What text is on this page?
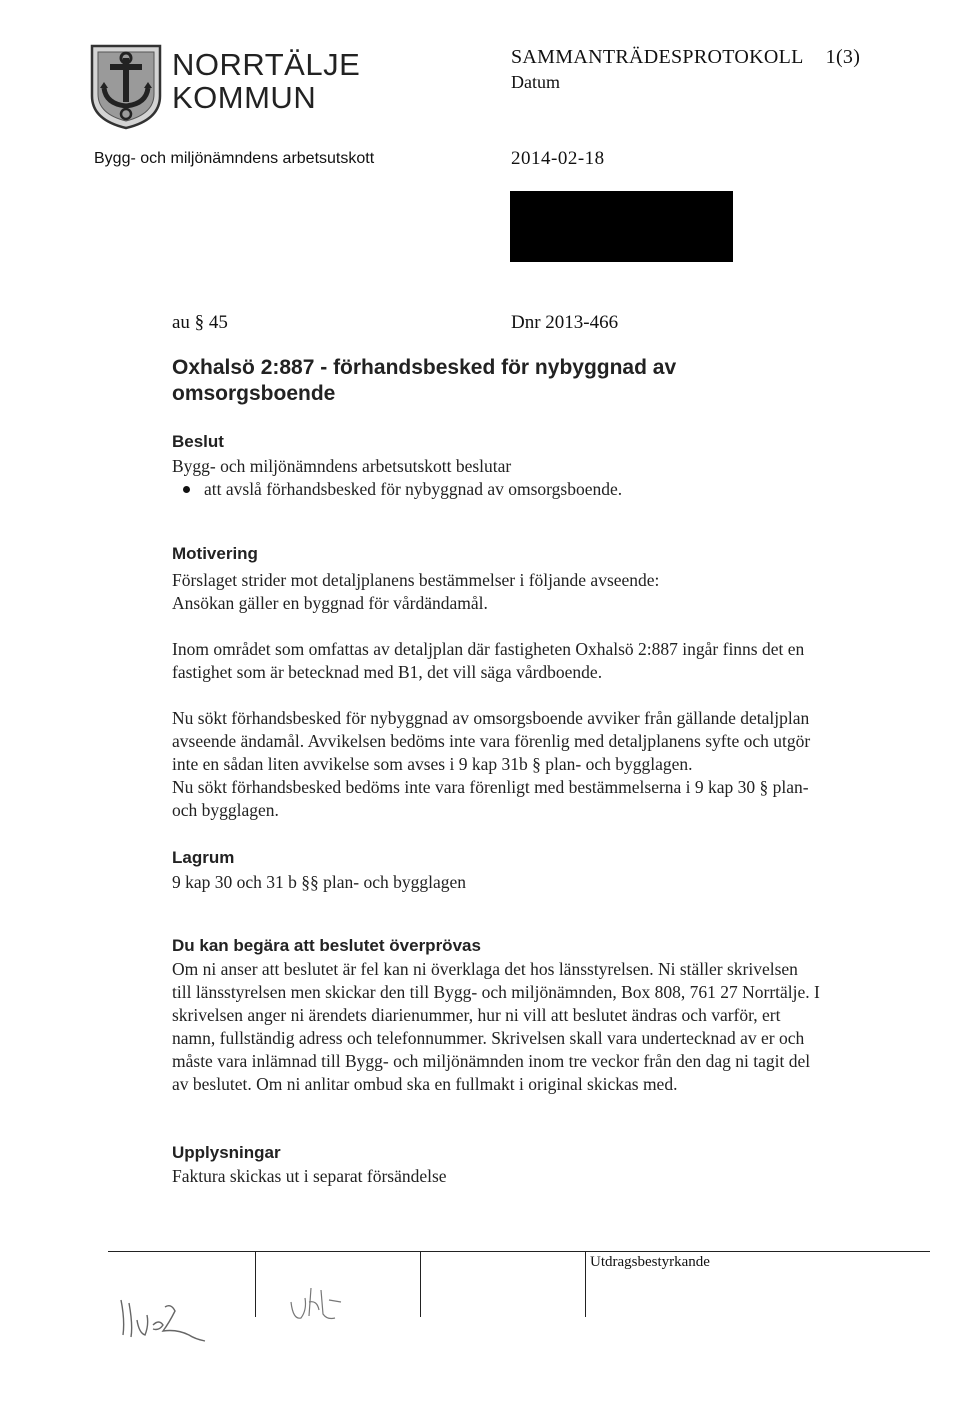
NORRTÄLJE
KOMMUN
SAMMANTRÄDESPROTOKOLL 1(3)
Datum
Bygg- och miljönämndens arbetsutskott	2014-02-18
au § 45	Dnr 2013-466
Oxhalsö 2:887 - förhandsbesked för nybyggnad av
omsorgsboende
Beslut
Bygg- och miljönämndens arbetsutskott beslutar
att avslå förhandsbesked för nybyggnad av omsorgsboende.
Motivering
Förslaget strider mot detaljplanens bestämmelser i följande avseende:
Ansökan gäller en byggnad för vårdändamål.
Inom området som omfattas av detaljplan där fastigheten Oxhalsö 2:887 ingår finns det en
fastighet som är betecknad med B1, det vill säga vårdboende.
Nu sökt förhandsbesked för nybyggnad av omsorgsboende avviker från gällande detaljplan
avseende ändamål. Avvikelsen bedöms inte vara förenlig med detaljplanens syfte och utgör
inte en sådan liten avvikelse som avses i 9 kap 31b § plan- och bygglagen.
Nu sökt förhandsbesked bedöms inte vara förenligt med bestämmelserna i 9 kap 30 § plan-
och bygglagen.
Lagrum
9 kap 30 och 31 b §§ plan- och bygglagen
Du kan begära att beslutet överprövas
Om ni anser att beslutet är fel kan ni överklaga det hos länsstyrelsen. Ni ställer skrivelsen
till länsstyrelsen men skickar den till Bygg- och miljönämnden, Box 808, 761 27 Norrtälje. I
skrivelsen anger ni ärendets diarienummer, hur ni vill att beslutet ändras och varför, ert
namn, fullständig adress och telefonnummer. Skrivelsen skall vara undertecknad av er och
måste vara inlämnad till Bygg- och miljönämnden inom tre veckor från den dag ni tagit del
av beslutet. Om ni anlitar ombud ska en fullmakt i original skickas med.
Upplysningar
Faktura skickas ut i separat försändelse
Utdragsbestyrkande
